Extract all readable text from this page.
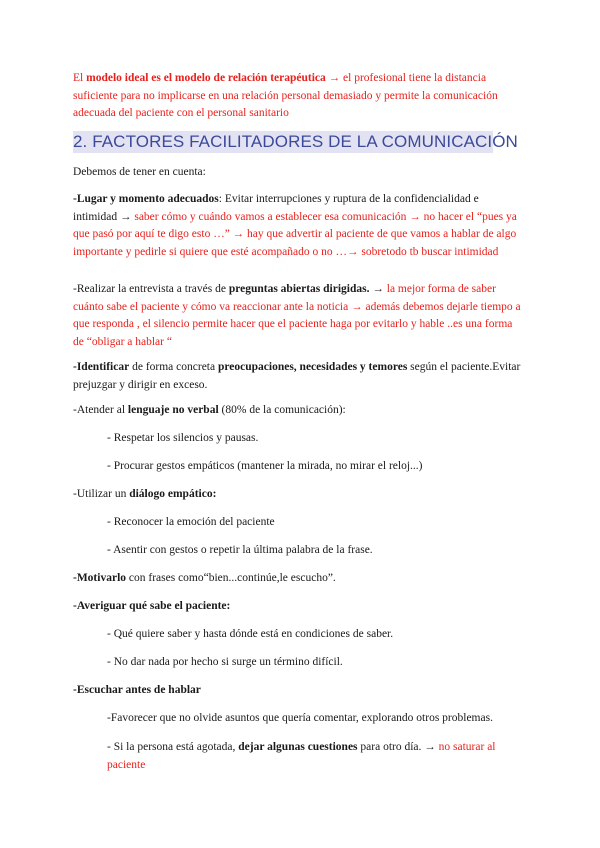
El modelo ideal es el modelo de relación terapéutica → el profesional tiene la distancia suficiente para no implicarse en una relación personal demasiado y permite la comunicación adecuada del paciente con el personal sanitario
2. FACTORES FACILITADORES DE LA COMUNICACIÓN
Debemos de tener en cuenta:
-Lugar y momento adecuados: Evitar interrupciones y ruptura de la confidencialidad e intimidad → saber cómo y cuándo vamos a establecer esa comunicación → no hacer el “pues ya que pasó por aquí te digo esto …” → hay que advertir al paciente de que vamos a hablar de algo importante y pedirle si quiere que esté acompañado o no …→ sobretodo tb buscar intimidad
-Realizar la entrevista a través de preguntas abiertas dirigidas. → la mejor forma de saber cuánto sabe el paciente y cómo va reaccionar ante la noticia → además debemos dejarle tiempo a que responda , el silencio permite hacer que el paciente haga por evitarlo y hable ..es una forma de “obligar a hablar “
-Identificar de forma concreta preocupaciones, necesidades y temores según el paciente.Evitar prejuzgar y dirigir en exceso.
-Atender al lenguaje no verbal (80% de la comunicación):
- Respetar los silencios y pausas.
- Procurar gestos empáticos (mantener la mirada, no mirar el reloj...)
-Utilizar un diálogo empático:
- Reconocer la emoción del paciente
- Asentir con gestos o repetir la última palabra de la frase.
-Motivarlo con frases como“bien...continúe,le escucho”.
-Averiguar qué sabe el paciente:
- Qué quiere saber y hasta dónde está en condiciones de saber.
- No dar nada por hecho si surge un término difícil.
-Escuchar antes de hablar
-Favorecer que no olvide asuntos que quería comentar, explorando otros problemas.
- Si la persona está agotada, dejar algunas cuestiones para otro día. → no saturar al paciente
